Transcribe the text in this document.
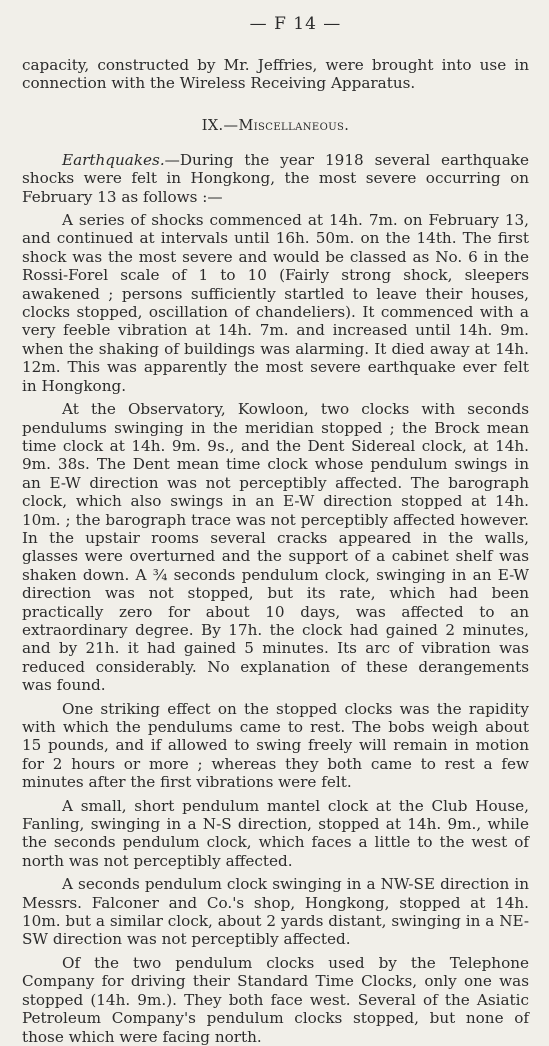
— F 14 —

capacity, constructed by Mr. Jeffries, were brought into use in connection with the Wireless Receiving Apparatus.

IX.—Miscellaneous.

Earthquakes.—During the year 1918 several earthquake shocks were felt in Hongkong, the most severe occurring on February 13 as follows :—

A series of shocks commenced at 14h. 7m. on February 13, and continued at intervals until 16h. 50m. on the 14th. The first shock was the most severe and would be classed as No. 6 in the Rossi-Forel scale of 1 to 10 (Fairly strong shock, sleepers awakened ; persons sufficiently startled to leave their houses, clocks stopped, oscillation of chandeliers). It commenced with a very feeble vibration at 14h. 7m. and increased until 14h. 9m. when the shaking of buildings was alarming. It died away at 14h. 12m. This was apparently the most severe earthquake ever felt in Hongkong.

At the Observatory, Kowloon, two clocks with seconds pendulums swinging in the meridian stopped ; the Brock mean time clock at 14h. 9m. 9s., and the Dent Sidereal clock, at 14h. 9m. 38s. The Dent mean time clock whose pendulum swings in an E-W direction was not perceptibly affected. The barograph clock, which also swings in an E-W direction stopped at 14h. 10m. ; the barograph trace was not perceptibly affected however. In the upstair rooms several cracks appeared in the walls, glasses were overturned and the support of a cabinet shelf was shaken down. A ¾ seconds pendulum clock, swinging in an E-W direction was not stopped, but its rate, which had been practically zero for about 10 days, was affected to an extraordinary degree. By 17h. the clock had gained 2 minutes, and by 21h. it had gained 5 minutes. Its arc of vibration was reduced considerably. No explanation of these derangements was found.

One striking effect on the stopped clocks was the rapidity with which the pendulums came to rest. The bobs weigh about 15 pounds, and if allowed to swing freely will remain in motion for 2 hours or more ; whereas they both came to rest a few minutes after the first vibrations were felt.

A small, short pendulum mantel clock at the Club House, Fanling, swinging in a N-S direction, stopped at 14h. 9m., while the seconds pendulum clock, which faces a little to the west of north was not perceptibly affected.

A seconds pendulum clock swinging in a NW-SE direction in Messrs. Falconer and Co.'s shop, Hongkong, stopped at 14h. 10m. but a similar clock, about 2 yards distant, swinging in a NE-SW direction was not perceptibly affected.

Of the two pendulum clocks used by the Telephone Company for driving their Standard Time Clocks, only one was stopped (14h. 9m.). They both face west. Several of the Asiatic Petroleum Company's pendulum clocks stopped, but none of those which were facing north.
